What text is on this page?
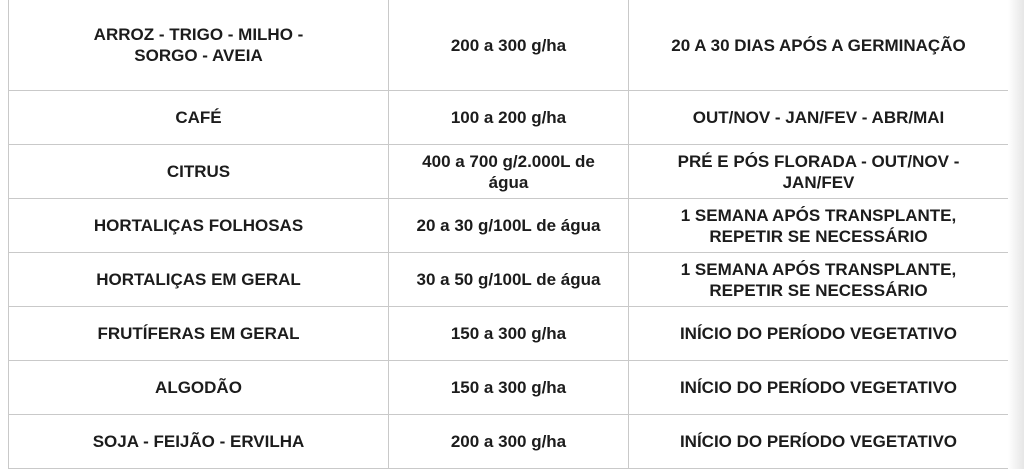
ARROZ - TRIGO - MILHO - SORGO - AVEIA	200 a 300 g/ha	20 A 30 DIAS APÓS A GERMINAÇÃO
CAFÉ	100 a 200 g/ha	OUT/NOV - JAN/FEV - ABR/MAI
CITRUS	400 a 700 g/2.000L de água	PRÉ E PÓS FLORADA - OUT/NOV - JAN/FEV
HORTALIÇAS FOLHOSAS	20 a 30 g/100L de água	1 SEMANA APÓS TRANSPLANTE, REPETIR SE NECESSÁRIO
HORTALIÇAS EM GERAL	30 a 50 g/100L de água	1 SEMANA APÓS TRANSPLANTE, REPETIR SE NECESSÁRIO
FRUTÍFERAS EM GERAL	150 a 300 g/ha	INÍCIO DO PERÍODO VEGETATIVO
ALGODÃO	150 a 300 g/ha	INÍCIO DO PERÍODO VEGETATIVO
SOJA - FEIJÃO - ERVILHA	200 a 300 g/ha	INÍCIO DO PERÍODO VEGETATIVO
